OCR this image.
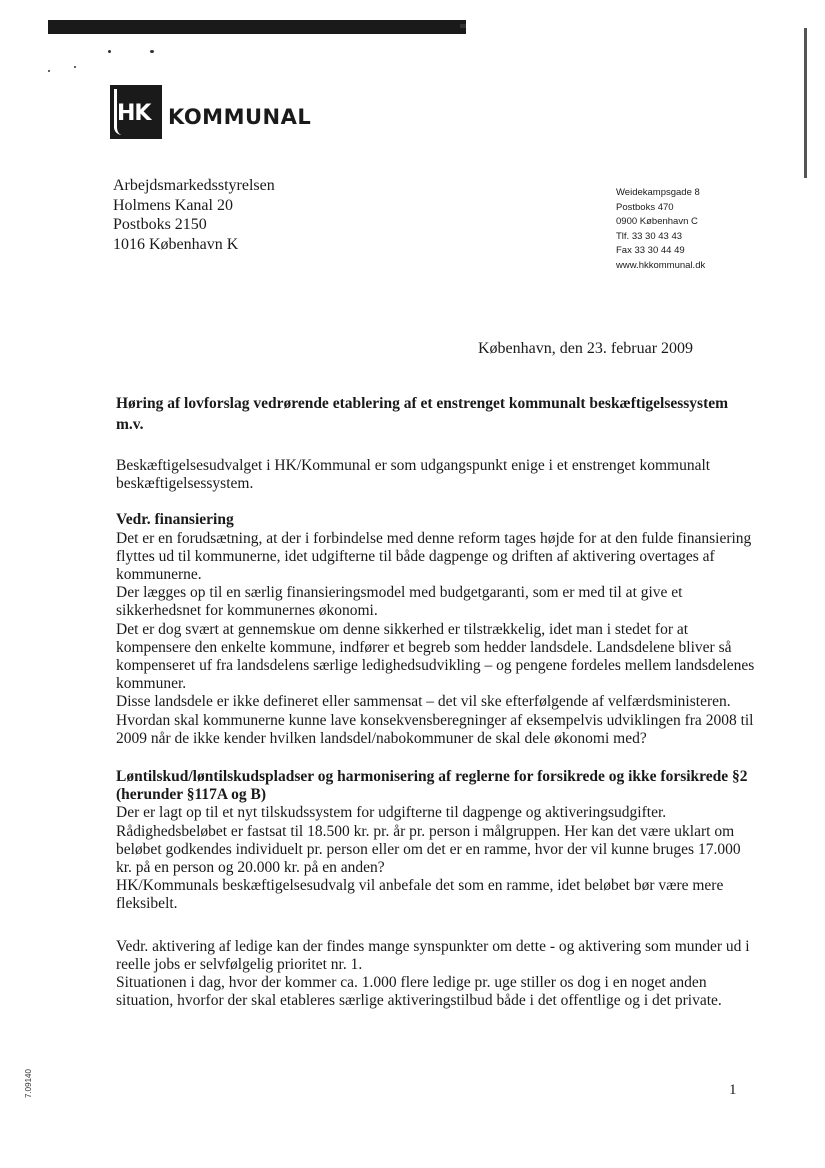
HK KOMMUNAL
Arbejdsmarkedsstyrelsen
Holmens Kanal 20
Postboks 2150
1016 København K
Weidekampsgade 8
Postboks 470
0900 København C
Tlf. 33 30 43 43
Fax 33 30 44 49
www.hkkommunal.dk
København, den 23. februar 2009

Høring af lovforslag vedrørende etablering af et enstrenget kommunalt beskæftigelsessystem m.v.

Beskæftigelsesudvalget i HK/Kommunal er som udgangspunkt enige i et enstrenget kommunalt beskæftigelsessystem.

Vedr. finansiering

Det er en forudsætning, at der i forbindelse med denne reform tages højde for at den fulde finansiering flyttes ud til kommunerne, idet udgifterne til både dagpenge og driften af aktivering overtages af kommunerne.

Der lægges op til en særlig finansieringsmodel med budgetgaranti, som er med til at give et sikkerhedsnet for kommunernes økonomi.

Det er dog svært at gennemskue om denne sikkerhed er tilstrækkelig, idet man i stedet for at kompensere den enkelte kommune, indfører et begreb som hedder landsdele. Landsdelene bliver så kompenseret uf fra landsdelens særlige ledighedsudvikling – og pengene fordeles mellem landsdelenes kommuner.

Disse landsdele er ikke defineret eller sammensat – det vil ske efterfølgende af velfærdsministeren. Hvordan skal kommunerne kunne lave konsekvensberegninger af eksempelvis udviklingen fra 2008 til 2009 når de ikke kender hvilken landsdel/nabokommuner de skal dele økonomi med?

Løntilskud/løntilskudspladser og harmonisering af reglerne for forsikrede og ikke forsikrede §2 (herunder §117A og B)

Der er lagt op til et nyt tilskudssystem for udgifterne til dagpenge og aktiveringsudgifter.

Rådighedsbeløbet er fastsat til 18.500 kr. pr. år pr. person i målgruppen. Her kan det være uklart om beløbet godkendes individuelt pr. person eller om det er en ramme, hvor der vil kunne bruges 17.000 kr. på en person og 20.000 kr. på en anden?

HK/Kommunals beskæftigelsesudvalg vil anbefale det som en ramme, idet beløbet bør være mere fleksibelt.

Vedr. aktivering af ledige kan der findes mange synspunkter om dette - og aktivering som munder ud i reelle jobs er selvfølgelig prioritet nr. 1.

Situationen i dag, hvor der kommer ca. 1.000 flere ledige pr. uge stiller os dog i en noget anden situation, hvorfor der skal etableres særlige aktiveringstilbud både i det offentlige og i det private.

1
7.09140
